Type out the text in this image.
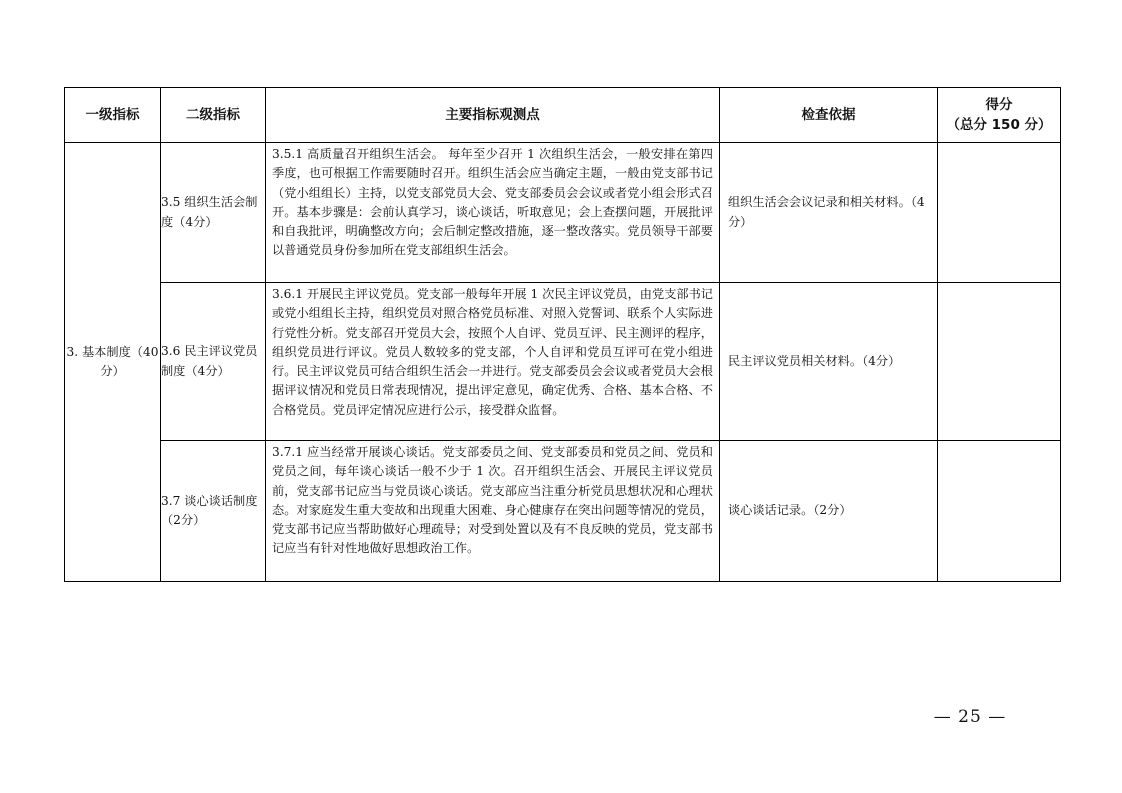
一级指标	二级指标	主要指标观测点	检查依据	得分
（总分 150 分）

3. 基本制度（40分）	3.5 组织生活会制度（4分）	3.5.1 高质量召开组织生活会。 每年至少召开 1 次组织生活会，一般安排在第四季度，也可根据工作需要随时召开。组织生活会应当确定主题，一般由党支部书记（党小组组长）主持，以党支部党员大会、党支部委员会会议或者党小组会形式召开。基本步骤是：会前认真学习，谈心谈话，听取意见；会上查摆问题，开展批评和自我批评，明确整改方向；会后制定整改措施，逐一整改落实。党员领导干部要以普通党员身份参加所在党支部组织生活会。	组织生活会会议记录和相关材料。（4分）	
	3.6 民主评议党员制度（4分）	3.6.1 开展民主评议党员。党支部一般每年开展 1 次民主评议党员，由党支部书记或党小组组长主持，组织党员对照合格党员标准、对照入党誓词、联系个人实际进行党性分析。党支部召开党员大会，按照个人自评、党员互评、民主测评的程序，组织党员进行评议。党员人数较多的党支部，个人自评和党员互评可在党小组进行。民主评议党员可结合组织生活会一并进行。党支部委员会会议或者党员大会根据评议情况和党员日常表现情况，提出评定意见，确定优秀、合格、基本合格、不合格党员。党员评定情况应进行公示，接受群众监督。	民主评议党员相关材料。（4分）	
	3.7 谈心谈话制度（2分）	3.7.1 应当经常开展谈心谈话。党支部委员之间、党支部委员和党员之间、党员和党员之间，每年谈心谈话一般不少于 1 次。召开组织生活会、开展民主评议党员前，党支部书记应当与党员谈心谈话。党支部应当注重分析党员思想状况和心理状态。对家庭发生重大变故和出现重大困难、身心健康存在突出问题等情况的党员，党支部书记应当帮助做好心理疏导；对受到处置以及有不良反映的党员，党支部书记应当有针对性地做好思想政治工作。	谈心谈话记录。（2分）	
— 25 —
